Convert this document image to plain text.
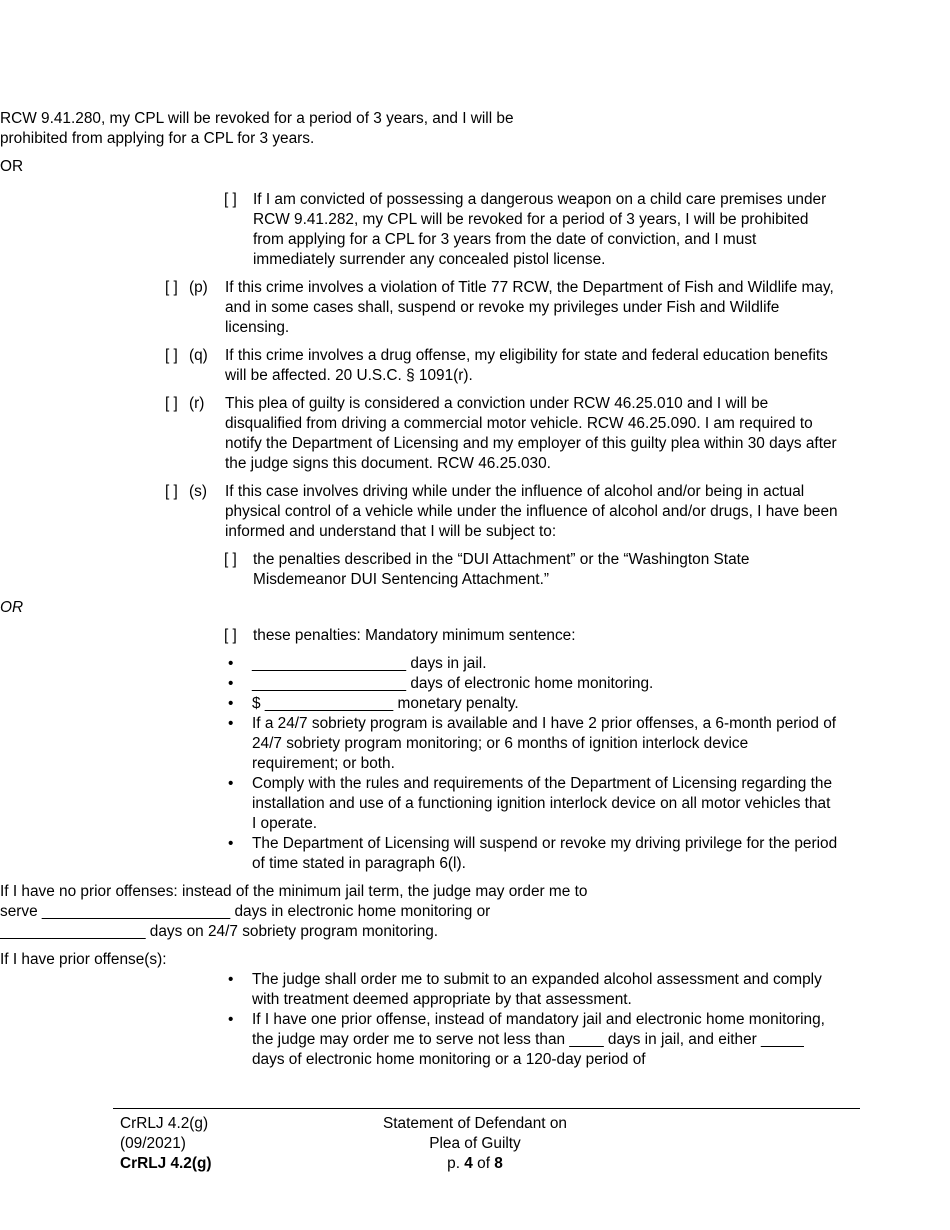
RCW 9.41.280, my CPL will be revoked for a period of 3 years, and I will be prohibited from applying for a CPL for 3 years.

OR

[ ]	If I am convicted of possessing a dangerous weapon on a child care premises under RCW 9.41.282, my CPL will be revoked for a period of 3 years, I will be prohibited from applying for a CPL for 3 years from the date of conviction, and I must immediately surrender any concealed pistol license.
[ ] (p)	If this crime involves a violation of Title 77 RCW, the Department of Fish and Wildlife may, and in some cases shall, suspend or revoke my privileges under Fish and Wildlife licensing.
[ ] (q)	If this crime involves a drug offense, my eligibility for state and federal education benefits will be affected. 20 U.S.C. § 1091(r).
[ ] (r)	This plea of guilty is considered a conviction under RCW 46.25.010 and I will be disqualified from driving a commercial motor vehicle. RCW 46.25.090. I am required to notify the Department of Licensing and my employer of this guilty plea within 30 days after the judge signs this document. RCW 46.25.030.
[ ] (s)	If this case involves driving while under the influence of alcohol and/or being in actual physical control of a vehicle while under the influence of alcohol and/or drugs, I have been informed and understand that I will be subject to:
[ ]	the penalties described in the “DUI Attachment” or the “Washington State Misdemeanor DUI Sentencing Attachment.”

OR

[ ]	these penalties: Mandatory minimum sentence:
•	__________________ days in jail.
•	__________________ days of electronic home monitoring.
•	$ _______________ monetary penalty.
•	If a 24/7 sobriety program is available and I have 2 prior offenses, a 6-month period of 24/7 sobriety program monitoring; or 6 months of ignition interlock device requirement; or both.
•	Comply with the rules and requirements of the Department of Licensing regarding the installation and use of a functioning ignition interlock device on all motor vehicles that I operate.
•	The Department of Licensing will suspend or revoke my driving privilege for the period of time stated in paragraph 6(l).

If I have no prior offenses: instead of the minimum jail term, the judge may order me to serve ______________________ days in electronic home monitoring or _________________ days on 24/7 sobriety program monitoring.

If I have prior offense(s):

•	The judge shall order me to submit to an expanded alcohol assessment and comply with treatment deemed appropriate by that assessment.
•	If I have one prior offense, instead of mandatory jail and electronic home monitoring, the judge may order me to serve not less than ____ days in jail, and either _____ days of electronic home monitoring or a 120-day period of
CrRLJ 4.2(g)
(09/2021)
CrRLJ 4.2(g)
Statement of Defendant on
Plea of Guilty
p. 4 of 8
